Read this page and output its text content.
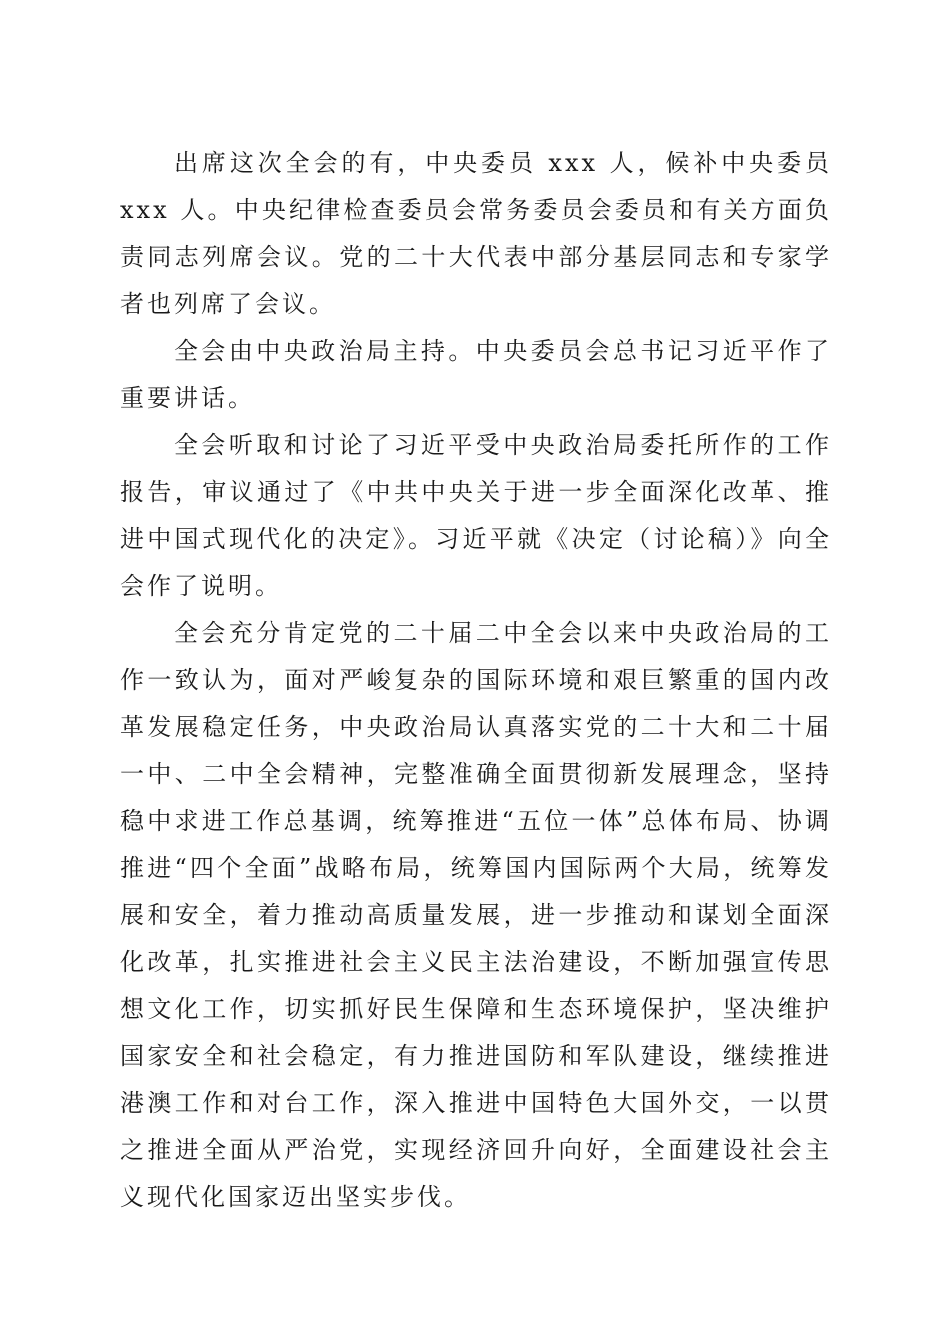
出席这次全会的有，中央委员 xxx 人，候补中央委员 xxx 人。中央纪律检查委员会常务委员会委员和有关方面负责同志列席会议。党的二十大代表中部分基层同志和专家学者也列席了会议。

全会由中央政治局主持。中央委员会总书记习近平作了重要讲话。

全会听取和讨论了习近平受中央政治局委托所作的工作报告，审议通过了《中共中央关于进一步全面深化改革、推进中国式现代化的决定》。习近平就《决定（讨论稿）》向全会作了说明。

全会充分肯定党的二十届二中全会以来中央政治局的工作一致认为，面对严峻复杂的国际环境和艰巨繁重的国内改革发展稳定任务，中央政治局认真落实党的二十大和二十届一中、二中全会精神，完整准确全面贯彻新发展理念，坚持稳中求进工作总基调，统筹推进“五位一体”总体布局、协调推进“四个全面”战略布局，统筹国内国际两个大局，统筹发展和安全，着力推动高质量发展，进一步推动和谋划全面深化改革，扎实推进社会主义民主法治建设，不断加强宣传思想文化工作，切实抓好民生保障和生态环境保护，坚决维护国家安全和社会稳定，有力推进国防和军队建设，继续推进港澳工作和对台工作，深入推进中国特色大国外交，一以贯之推进全面从严治党，实现经济回升向好，全面建设社会主义现代化国家迈出坚实步伐。
